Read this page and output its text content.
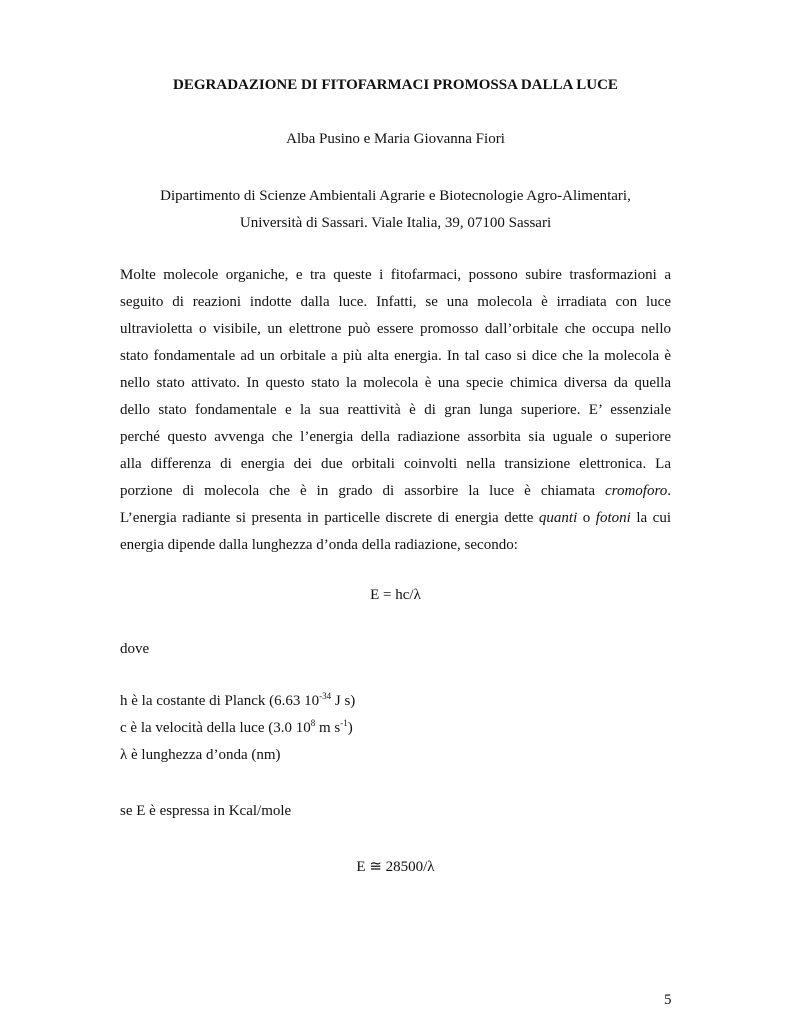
DEGRADAZIONE DI FITOFARMACI PROMOSSA DALLA LUCE
Alba Pusino e Maria Giovanna Fiori
Dipartimento di Scienze Ambientali Agrarie e Biotecnologie Agro-Alimentari,
Università di Sassari. Viale Italia, 39, 07100 Sassari
Molte molecole organiche, e tra queste i fitofarmaci, possono subire trasformazioni a
seguito di reazioni indotte dalla luce. Infatti, se una molecola è irradiata con luce
ultravioletta o visibile, un elettrone può essere promosso dall’orbitale che occupa nello
stato fondamentale ad un orbitale a più alta energia. In tal caso si dice che la molecola è
nello stato attivato. In questo stato la molecola è una specie chimica diversa da quella
dello stato fondamentale e la sua reattività è di gran lunga superiore. E’ essenziale
perché questo avvenga che l’energia della radiazione assorbita sia uguale o superiore
alla differenza di energia dei due orbitali coinvolti nella transizione elettronica. La
porzione di molecola che è in grado di assorbire la luce è chiamata cromoforo.
L’energia radiante si presenta in particelle discrete di energia dette quanti o fotoni la cui
energia dipende dalla lunghezza d’onda della radiazione, secondo:
E = hc/λ
dove
h è la costante di Planck (6.63 $10^{-34}$ J s)
c è la velocità della luce (3.0 $10^8$ m $s^{-1}$)
λ è lunghezza d’onda (nm)
se E è espressa in Kcal/mole
E ≅ 28500/λ
5
